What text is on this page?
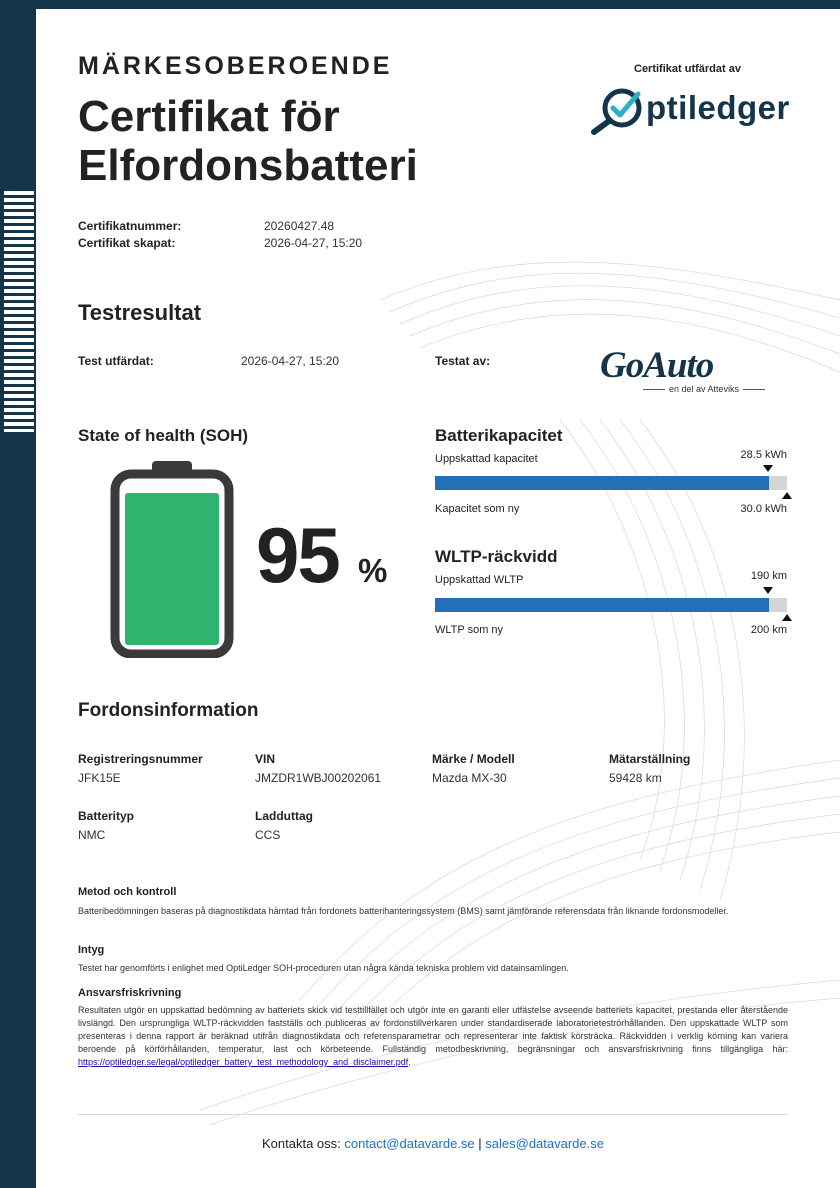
MÄRKESOBEROENDE
Certifikat för Elfordonsbatteri
Certifikat utfärdat av
ptiledger
Certifikatnummer:	20260427.48
Certifikat skapat:	2026-04-27, 15:20
Testresultat
Test utfärdat:	2026-04-27, 15:20	Testat av:	GoAuto
en del av Atteviks
State of health (SOH)
95 %
Batterikapacitet
Uppskattad kapacitet	28.5 kWh
Kapacitet som ny	30.0 kWh
WLTP-räckvidd
Uppskattad WLTP	190 km
WLTP som ny	200 km
Fordonsinformation
Registreringsnummer
JFK15E
VIN
JMZDR1WBJ00202061
Märke / Modell
Mazda MX-30
Mätarställning
59428 km
Batterityp
NMC
Ladduttag
CCS
Metod och kontroll

Batteribedömningen baseras på diagnostikdata hämtad från fordonets batterihanteringssystem (BMS) samt jämförande referensdata från liknande fordonsmodeller.

Intyg

Testet har genomförts i enlighet med OptiLedger SOH-proceduren utan några kända tekniska problem vid datainsamlingen.

Ansvarsfriskrivning

Resultaten utgör en uppskattad bedömning av batteriets skick vid testtillfället och utgör inte en garanti eller utfästelse avseende batteriets kapacitet, prestanda eller återstående livslängd. Den ursprungliga WLTP-räckvidden fastställs och publiceras av fordonstillverkaren under standardiserade laboratorieteströrhållanden. Den uppskattade WLTP som presenteras i denna rapport är beräknad utifrån diagnostikdata och referensparametrar och representerar inte faktisk körsträcka. Räckvidden i verklig körning kan variera beroende på körförhållanden, temperatur, last och körbeteende. Fullständig metodbeskrivning, begränsningar och ansvarsfriskrivning finns tillgängliga här: https://optiledger.se/legal/optiledger_battery_test_methodology_and_disclaimer.pdf.

Kontakta oss: contact@datavarde.se | sales@datavarde.se
